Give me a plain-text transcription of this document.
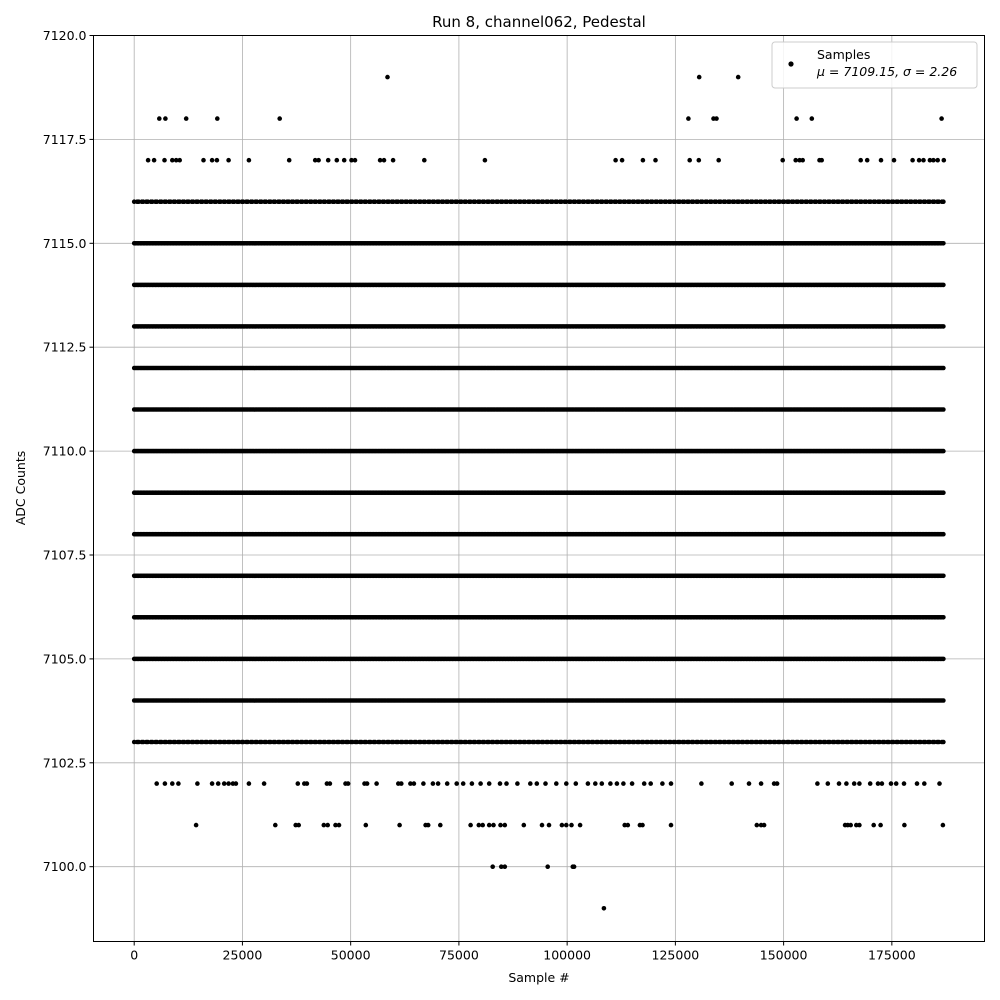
0	25000	50000	75000	100000	125000	150000	175000
7100.0
7102.5
7105.0
7107.5
7110.0
7112.5
7115.0
7117.5
7120.0
Run 8, channel062, Pedestal
Sample #
ADC Counts
Samples
μ = 7109.15, σ = 2.26
